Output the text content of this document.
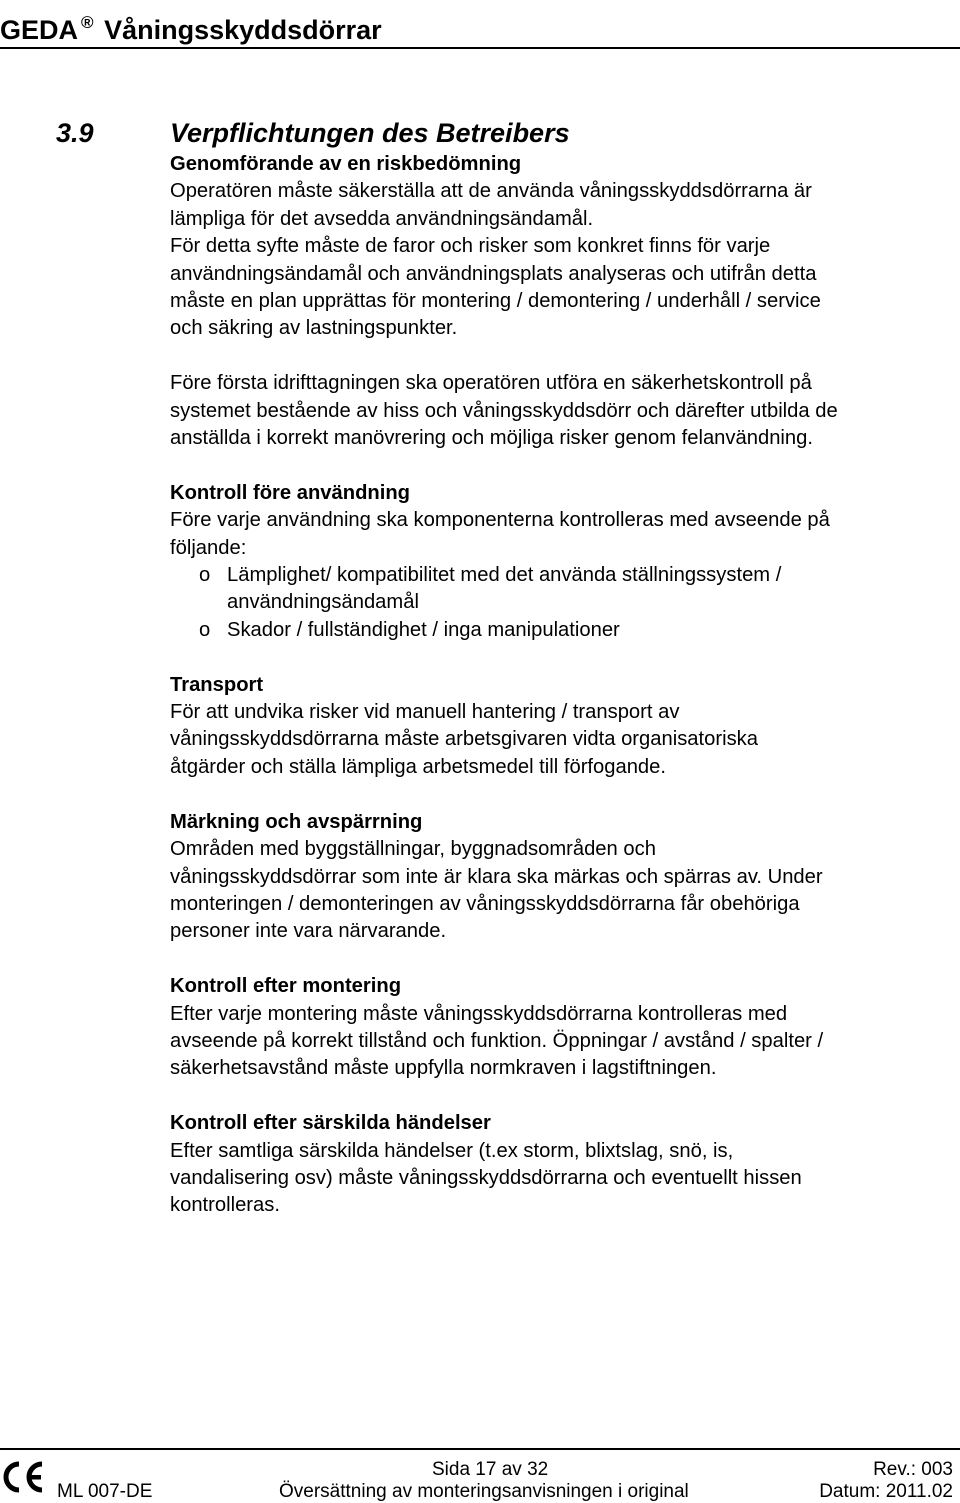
GEDA ® Våningsskyddsdörrar
3.9	Verpflichtungen des Betreibers

Genomförande av en riskbedömning

Operatören måste säkerställa att de använda våningsskyddsdörrarna är

lämpliga för det avsedda användningsändamål.

För detta syfte måste de faror och risker som konkret finns för varje

användningsändamål och användningsplats analyseras och utifrån detta

måste en plan upprättas för montering / demontering / underhåll / service

och säkring av lastningspunkter.

Före första idrifttagningen ska operatören utföra en säkerhetskontroll på

systemet bestående av hiss och våningsskyddsdörr och därefter utbilda de

anställda i korrekt manövrering och möjliga risker genom felanvändning.

Kontroll före användning

Före varje användning ska komponenterna kontrolleras med avseende på

följande:

o Lämplighet/ kompatibilitet med det använda ställningssystem /

användningsändamål

o Skador / fullständighet / inga manipulationer

Transport

För att undvika risker vid manuell hantering / transport av

våningsskyddsdörrarna måste arbetsgivaren vidta organisatoriska

åtgärder och ställa lämpliga arbetsmedel till förfogande.

Märkning och avspärrning

Områden med byggställningar, byggnadsområden och

våningsskyddsdörrar som inte är klara ska märkas och spärras av. Under

monteringen / demonteringen av våningsskyddsdörrarna får obehöriga

personer inte vara närvarande.

Kontroll efter montering

Efter varje montering måste våningsskyddsdörrarna kontrolleras med

avseende på korrekt tillstånd och funktion. Öppningar / avstånd / spalter /

säkerhetsavstånd måste uppfylla normkraven i lagstiftningen.

Kontroll efter särskilda händelser

Efter samtliga särskilda händelser (t.ex storm, blixtslag, snö, is,

vandalisering osv) måste våningsskyddsdörrarna och eventuellt hissen

kontrolleras.

Sida 17 av 32	Rev.: 003
ML 007-DE	Översättning av monteringsanvisningen i original	Datum: 2011.02
